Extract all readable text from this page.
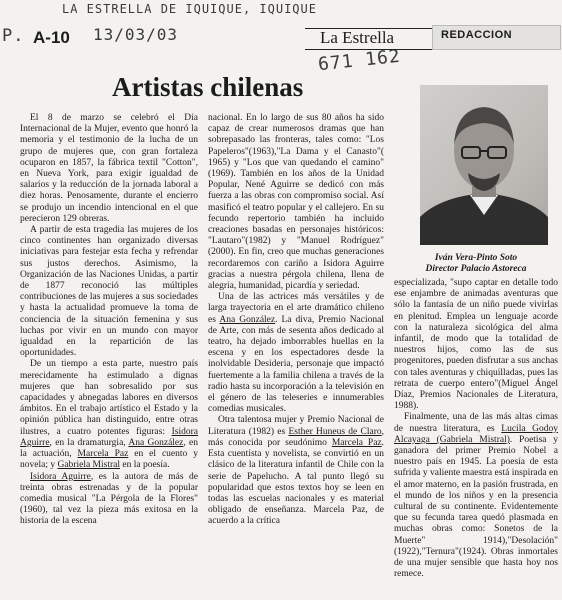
LA ESTRELLA DE IQUIQUE, IQUIQUE
P.	13/03/03
671 162
A-10	La Estrella	REDACCION
Artistas chilenas

El 8 de marzo se celebró el Día Internacional de la Mujer, evento que honró la memoria y el testimonio de la lucha de un grupo de mujeres que, con gran fortaleza ocuparon en 1857, la fábrica textil "Cotton", en Nueva York, para exigir igualdad de salarios y la reducción de la jornada laboral a diez horas. Penosamente, durante el encierro se produjo un incendio intencional en el que perecieron 129 obreras.

A partir de esta tragedia las mujeres de los cinco continentes han organizado diversas iniciativas para festejar esta fecha y refrendar sus justos derechos. Asimismo, la Organización de las Naciones Unidas, a partir de 1877 reconoció las múltiples contribuciones de las mujeres a sus sociedades y hasta la actualidad promueve la toma de conciencia de la situación femenina y sus luchas por vivir en un mundo con mayor igualdad en la repartición de las oportunidades.

De un tiempo a esta parte, nuestro país merecidamente ha estimulado a dignas mujeres que han sobresalido por sus capacidades y abnegadas labores en diversos ámbitos. En el trabajo artístico el Estado y la opinión pública han distinguido, entre otras ilustres, a cuatro potentes figuras: Isidora Aguirre, en la dramaturgia, Ana González, en la actuación, Marcela Paz en el cuento y novela; y Gabriela Mistral en la poesía.

Isidora Aguirre, es la autora de más de treinta obras estrenadas y de la popular comedia musical "La Pérgola de la Flores"(1960), tal vez la pieza más exitosa en la historia de la escena

nacional. En lo largo de sus 80 años ha sido capaz de crear numerosos dramas que han sobrepasado las fronteras, tales como: "Los Papeleros"(1963),"La Dama y el Canasto"( 1965) y "Los que van quedando el camino"(1969). También en los años de la Unidad Popular, Nené Aguirre se dedicó con más fuerza a las obras con compromiso social. Así masificó el teatro popular y el callejero. En su fecundo repertorio también ha incluido creaciones basadas en personajes históricos: "Lautaro"(1982) y "Manuel Rodríguez"(2000). En fin, creo que muchas generaciones recordaremos con cariño a Isidora Aguirre gracias a nuestra pérgola chilena, llena de alegría, humanidad, picardía y seriedad.

Una de las actrices más versátiles y de larga trayectoria en el arte dramático chileno es Ana González. La diva, Premio Nacional de Arte, con más de sesenta años dedicado al teatro, ha dejado imborrables huellas en la escena y en los espectadores desde la inolvidable Desideria, personaje que impactó fuertemente a la familia chilena a través de la radio hasta su incorporación a la televisión en el género de las teleseries e innumerables comedias musicales.

Otra talentosa mujer y Premio Nacional de Literatura (1982) es Esther Huneus de Claro, más conocida por seudónimo Marcela Paz. Esta cuentista y novelista, se convirtió en un clásico de la literatura infantil de Chile con la serie de Papelucho. A tal punto llegó su popularidad que estos textos hoy se leen en todas las escuelas nacionales y es material obligado de enseñanza. Marcela Paz, de acuerdo a la crítica

Iván Vera-Pinto Soto
Director Palacio Astoreca

especializada, "supo captar en detalle todo ese enjambre de animadas aventuras que sólo la fantasía de un niño puede vivirlas en plenitud. Emplea un lenguaje acorde con la naturaleza sicológica del alma infantil, de modo que la totalidad de nuestros hijos, como las de sus progenitores, pueden disfrutar a sus anchas con tales aventuras y chiquilladas, pues las retrata de cuerpo entero"(Miguel Ángel Díaz, Premios Nacionales de Literatura, 1988).

Finalmente, una de las más altas cimas de nuestra literatura, es Lucila Godoy Alcayaga (Gabriela Mistral). Poetisa y ganadora del primer Premio Nobel a nuestro país en 1945. La poesía de esta sufrida y valiente maestra está inspirada en el amor materno, en la pasión frustrada, en el mundo de los niños y en la presencia cultural de su continente. Evidentemente que su fecunda tarea quedó plasmada en muchas obras como: Sonetos de la Muerte" 1914),"Desolación"(1922),"Ternura"(1924). Obras inmortales de una mujer sensible que hasta hoy nos remece.
